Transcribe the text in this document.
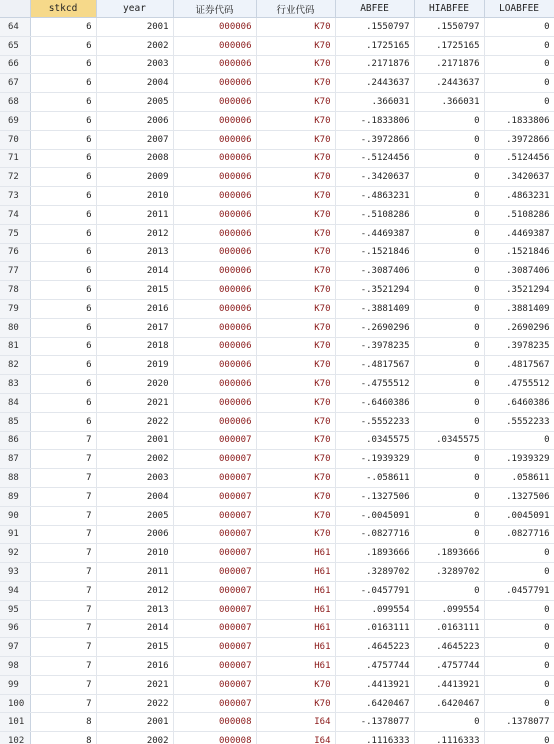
	stkcd	year	证券代码	行业代码	ABFEE	HIABFEE	LOABFEE
64	6	2001	000006	K70	.1550797	.1550797	0
65	6	2002	000006	K70	.1725165	.1725165	0
66	6	2003	000006	K70	.2171876	.2171876	0
67	6	2004	000006	K70	.2443637	.2443637	0
68	6	2005	000006	K70	.366031	.366031	0
69	6	2006	000006	K70	-.1833806	0	.1833806
70	6	2007	000006	K70	-.3972866	0	.3972866
71	6	2008	000006	K70	-.5124456	0	.5124456
72	6	2009	000006	K70	-.3420637	0	.3420637
73	6	2010	000006	K70	-.4863231	0	.4863231
74	6	2011	000006	K70	-.5108286	0	.5108286
75	6	2012	000006	K70	-.4469387	0	.4469387
76	6	2013	000006	K70	-.1521846	0	.1521846
77	6	2014	000006	K70	-.3087406	0	.3087406
78	6	2015	000006	K70	-.3521294	0	.3521294
79	6	2016	000006	K70	-.3881409	0	.3881409
80	6	2017	000006	K70	-.2690296	0	.2690296
81	6	2018	000006	K70	-.3978235	0	.3978235
82	6	2019	000006	K70	-.4817567	0	.4817567
83	6	2020	000006	K70	-.4755512	0	.4755512
84	6	2021	000006	K70	-.6460386	0	.6460386
85	6	2022	000006	K70	-.5552233	0	.5552233
86	7	2001	000007	K70	.0345575	.0345575	0
87	7	2002	000007	K70	-.1939329	0	.1939329
88	7	2003	000007	K70	-.058611	0	.058611
89	7	2004	000007	K70	-.1327506	0	.1327506
90	7	2005	000007	K70	-.0045091	0	.0045091
91	7	2006	000007	K70	-.0827716	0	.0827716
92	7	2010	000007	H61	.1893666	.1893666	0
93	7	2011	000007	H61	.3289702	.3289702	0
94	7	2012	000007	H61	-.0457791	0	.0457791
95	7	2013	000007	H61	.099554	.099554	0
96	7	2014	000007	H61	.0163111	.0163111	0
97	7	2015	000007	H61	.4645223	.4645223	0
98	7	2016	000007	H61	.4757744	.4757744	0
99	7	2021	000007	K70	.4413921	.4413921	0
100	7	2022	000007	K70	.6420467	.6420467	0
101	8	2001	000008	I64	-.1378077	0	.1378077
102	8	2002	000008	I64	.1116333	.1116333	0
